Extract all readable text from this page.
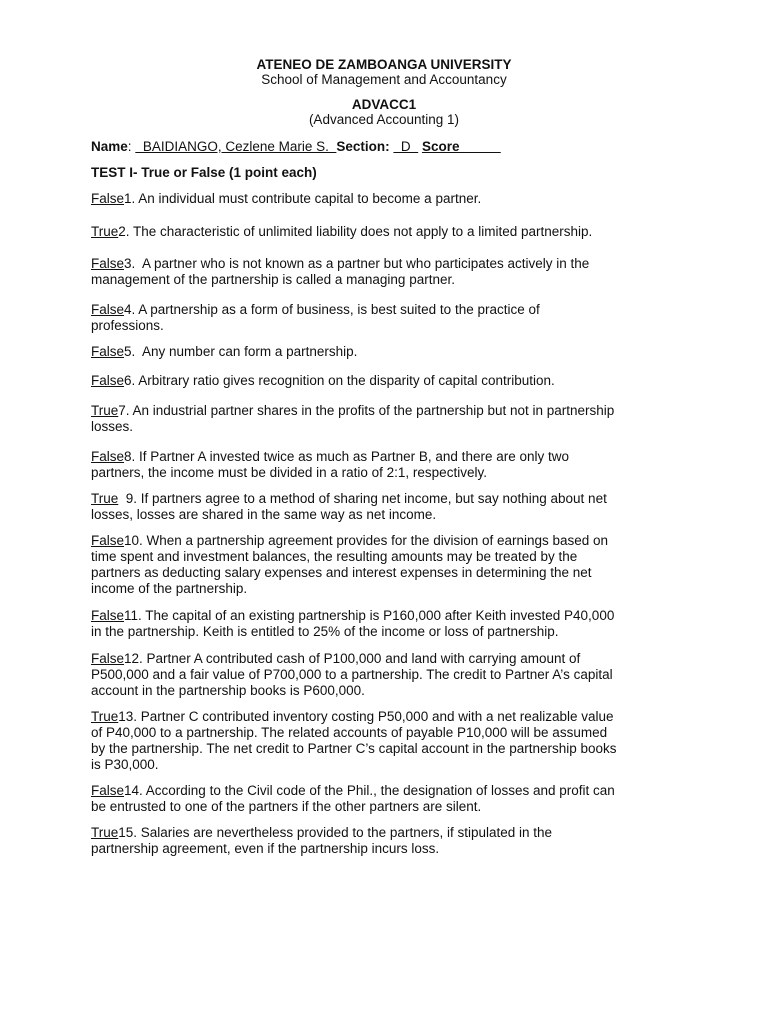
ATENEO DE ZAMBOANGA UNIVERSITY
School of Management and Accountancy
ADVACC1
(Advanced Accounting 1)
Name:   BAIDIANGO, Cezlene Marie S.  Section:   D   Score
TEST I- True or False (1 point each)
False1. An individual must contribute capital to become a partner.
True2. The characteristic of unlimited liability does not apply to a limited partnership.
False3.  A partner who is not known as a partner but who participates actively in the
management of the partnership is called a managing partner.
False4. A partnership as a form of business, is best suited to the practice of
professions.
False5.  Any number can form a partnership.
False6. Arbitrary ratio gives recognition on the disparity of capital contribution.
True7. An industrial partner shares in the profits of the partnership but not in partnership
losses.
False8. If Partner A invested twice as much as Partner B, and there are only two
partners, the income must be divided in a ratio of 2:1, respectively.
True  9. If partners agree to a method of sharing net income, but say nothing about net
losses, losses are shared in the same way as net income.
False10. When a partnership agreement provides for the division of earnings based on
time spent and investment balances, the resulting amounts may be treated by the
partners as deducting salary expenses and interest expenses in determining the net
income of the partnership.
False11. The capital of an existing partnership is P160,000 after Keith invested P40,000
in the partnership. Keith is entitled to 25% of the income or loss of partnership.
False12. Partner A contributed cash of P100,000 and land with carrying amount of
P500,000 and a fair value of P700,000 to a partnership. The credit to Partner A’s capital
account in the partnership books is P600,000.
True13. Partner C contributed inventory costing P50,000 and with a net realizable value
of P40,000 to a partnership. The related accounts of payable P10,000 will be assumed
by the partnership. The net credit to Partner C’s capital account in the partnership books
is P30,000.
False14. According to the Civil code of the Phil., the designation of losses and profit can
be entrusted to one of the partners if the other partners are silent.
True15. Salaries are nevertheless provided to the partners, if stipulated in the
partnership agreement, even if the partnership incurs loss.
